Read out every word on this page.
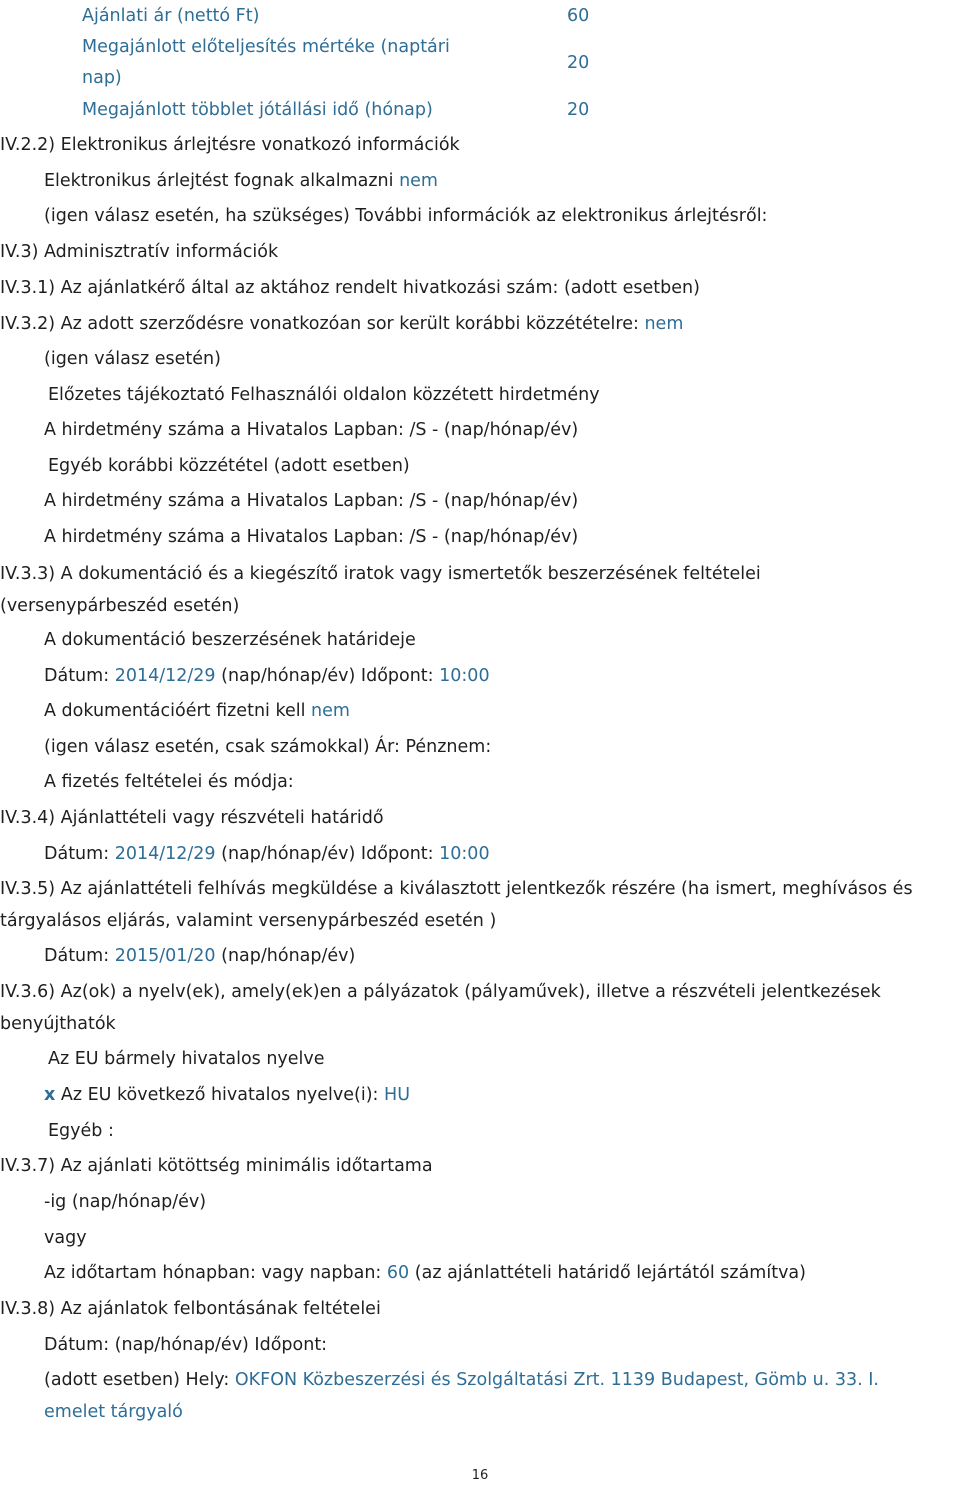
Ajánlati ár (nettó Ft)	60
Megajánlott előteljesítés mértéke (naptári
nap)
20
Megajánlott többlet jótállási idő (hónap)	20
IV.2.2) Elektronikus árlejtésre vonatkozó információk
Elektronikus árlejtést fognak alkalmazni nem
(igen válasz esetén, ha szükséges) További információk az elektronikus árlejtésről:
IV.3) Adminisztratív információk
IV.3.1) Az ajánlatkérő által az aktához rendelt hivatkozási szám: (adott esetben)
IV.3.2) Az adott szerződésre vonatkozóan sor került korábbi közzétételre: nem
(igen válasz esetén)
Előzetes tájékoztató Felhasználói oldalon közzétett hirdetmény
A hirdetmény száma a Hivatalos Lapban: /S - (nap/hónap/év)
Egyéb korábbi közzététel (adott esetben)
A hirdetmény száma a Hivatalos Lapban: /S - (nap/hónap/év)
A hirdetmény száma a Hivatalos Lapban: /S - (nap/hónap/év)
IV.3.3) A dokumentáció és a kiegészítő iratok vagy ismertetők beszerzésének feltételei
(versenypárbeszéd esetén)
A dokumentáció beszerzésének határideje
Dátum: 2014/12/29 (nap/hónap/év) Időpont: 10:00
A dokumentációért fizetni kell nem
(igen válasz esetén, csak számokkal) Ár: Pénznem:
A fizetés feltételei és módja:
IV.3.4) Ajánlattételi vagy részvételi határidő
Dátum: 2014/12/29 (nap/hónap/év) Időpont: 10:00
IV.3.5) Az ajánlattételi felhívás megküldése a kiválasztott jelentkezők részére (ha ismert, meghívásos és
tárgyalásos eljárás, valamint versenypárbeszéd esetén )
Dátum: 2015/01/20 (nap/hónap/év)
IV.3.6) Az(ok) a nyelv(ek), amely(ek)en a pályázatok (pályaművek), illetve a részvételi jelentkezések
benyújthatók
Az EU bármely hivatalos nyelve
x Az EU következő hivatalos nyelve(i): HU
Egyéb :
IV.3.7) Az ajánlati kötöttség minimális időtartama
-ig (nap/hónap/év)
vagy
Az időtartam hónapban: vagy napban: 60 (az ajánlattételi határidő lejártától számítva)
IV.3.8) Az ajánlatok felbontásának feltételei
Dátum: (nap/hónap/év) Időpont:
(adott esetben) Hely: OKFON Közbeszerzési és Szolgáltatási Zrt. 1139 Budapest, Gömb u. 33. I.
emelet tárgyaló
16
